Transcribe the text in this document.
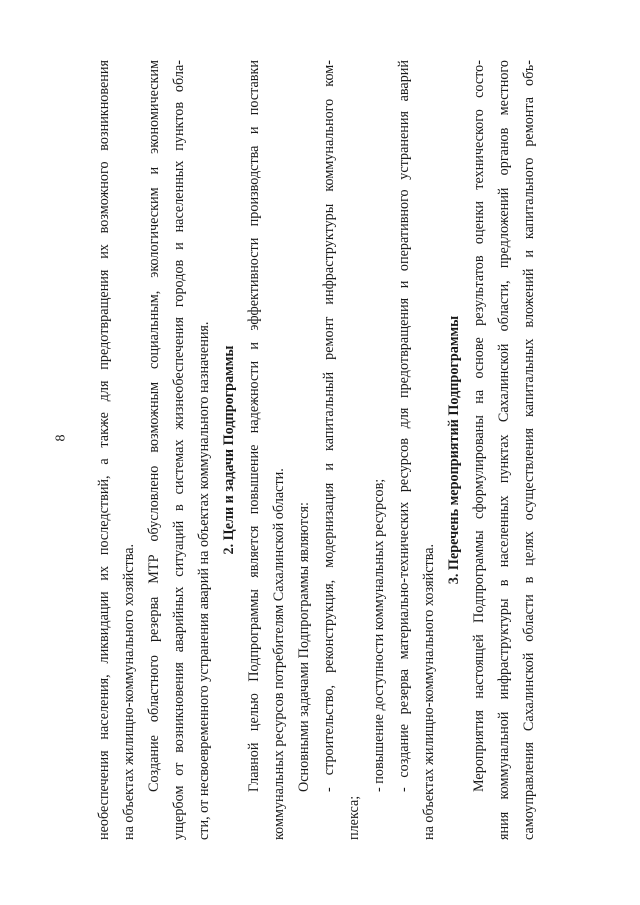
8 необеспечения населения, ликвидации их последствий, а также для предотвращения их возможного возникновения на объектах жилищно-коммунального хозяйства. Создание областного резерва МТР обусловлено возможным социальным, экологическим и экономическим ущербом от возникновения аварийных ситуаций в системах жизнеобеспечения городов и населенных пунктов обла- сти, от несвоевременного устранения аварий на объектах коммунального назначения. 2. Цели и задачи Подпрограммы Главной целью Подпрограммы является повышение надежности и эффективности производства и поставки коммунальных ресурсов потребителям Сахалинской области. Основными задачами Подпрограммы являются: - строительство, реконструкция, модернизация и капитальный ремонт инфраструктуры коммунального ком-
плекса;
- повышение доступности коммунальных ресурсов; - создание резерва материально-технических ресурсов для предотвращения и оперативного устранения аварий на объектах жилищно-коммунального хозяйства.
3. Перечень мероприятий Подпрограммы Мероприятия настоящей Подпрограммы сформулированы на основе результатов оценки технического состо- яния коммунальной инфраструктуры в населенных пунктах Сахалинской области, предложений органов местного самоуправления Сахалинской области в целях осуществления капитальных вложений и капитального ремонта объ-
